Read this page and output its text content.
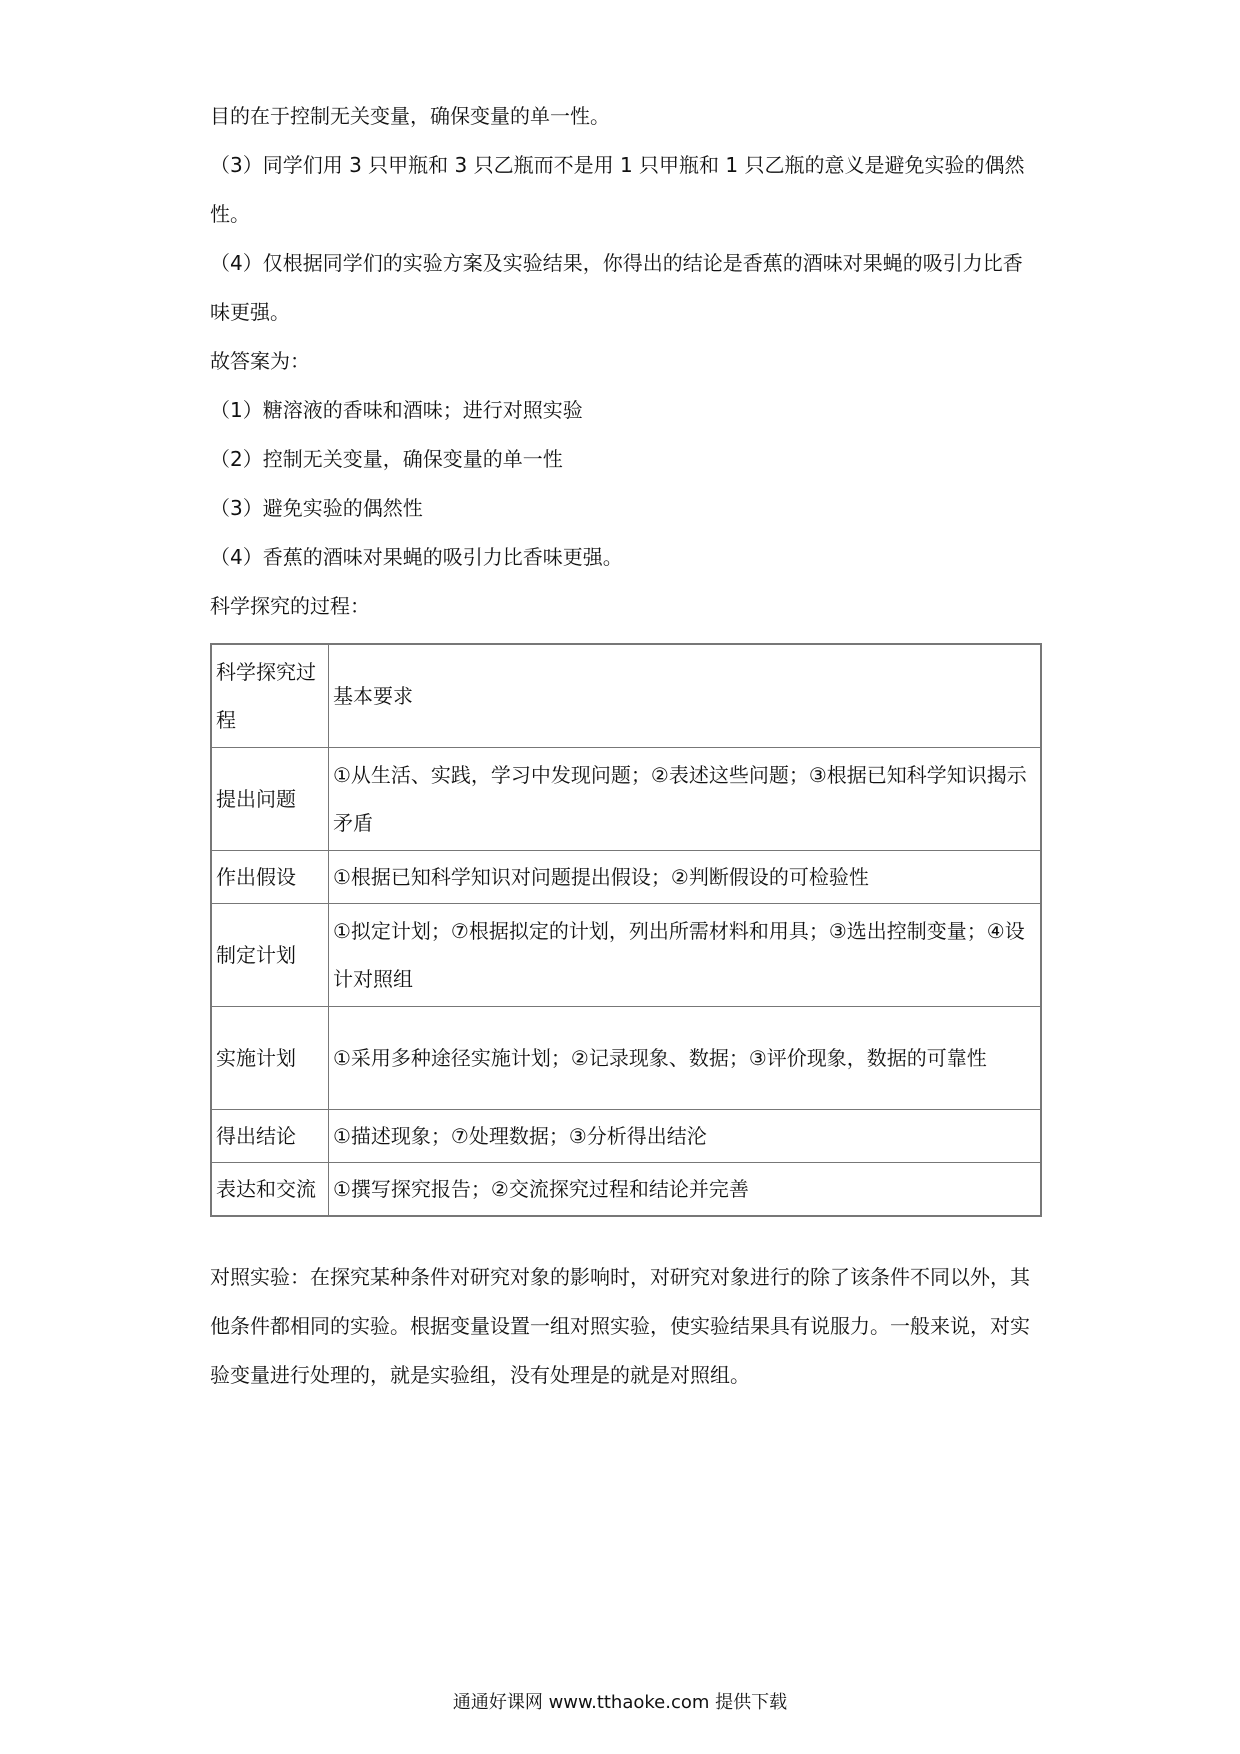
目的在于控制无关变量，确保变量的单一性。

（3）同学们用 3 只甲瓶和 3 只乙瓶而不是用 1 只甲瓶和 1 只乙瓶的意义是避免实验的偶然性。

（4）仅根据同学们的实验方案及实验结果，你得出的结论是香蕉的酒味对果蝇的吸引力比香味更强。

故答案为：

（1）糖溶液的香味和酒味；进行对照实验

（2）控制无关变量，确保变量的单一性

（3）避免实验的偶然性

（4）香蕉的酒味对果蝇的吸引力比香味更强。

科学探究的过程：

科学探究过程	基本要求
提出问题	①从生活、实践，学习中发现问题；②表述这些问题；③根据已知科学知识揭示矛盾
作出假设	①根据已知科学知识对问题提出假设；②判断假设的可检验性
制定计划	①拟定计划；⑦根据拟定的计划，列出所需材料和用具；③选出控制变量；④设计对照组
实施计划	①采用多种途径实施计划；②记录现象、数据；③评价现象，数据的可靠性
得出结论	①描述现象；⑦处理数据；③分析得出结沦
表达和交流	①撰写探究报告；②交流探究过程和结论并完善

对照实验：在探究某种条件对研究对象的影响时，对研究对象进行的除了该条件不同以外，其他条件都相同的实验。根据变量设置一组对照实验，使实验结果具有说服力。一般来说，对实验变量进行处理的，就是实验组，没有处理是的就是对照组。

通通好课网 www.tthaoke.com 提供下载
